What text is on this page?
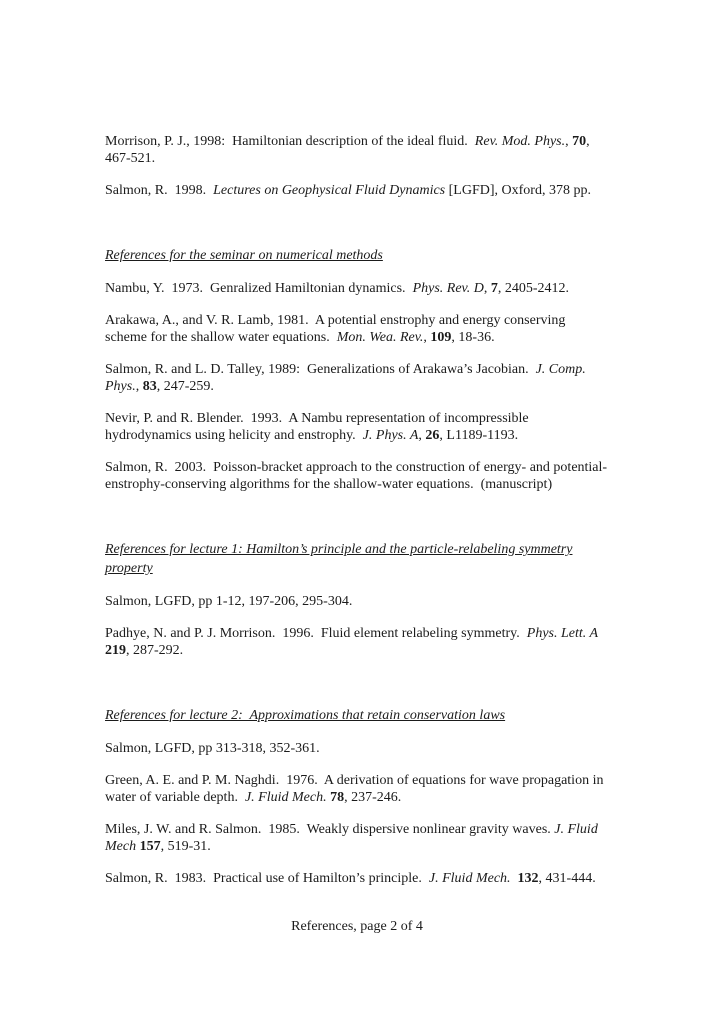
Morrison, P. J., 1998:  Hamiltonian description of the ideal fluid.  Rev. Mod. Phys., 70,
467-521.

Salmon, R.  1998.  Lectures on Geophysical Fluid Dynamics [LGFD], Oxford, 378 pp.

References for the seminar on numerical methods

Nambu, Y.  1973.  Genralized Hamiltonian dynamics.  Phys. Rev. D, 7, 2405-2412.

Arakawa, A., and V. R. Lamb, 1981.  A potential enstrophy and energy conserving
scheme for the shallow water equations.  Mon. Wea. Rev., 109, 18-36.

Salmon, R. and L. D. Talley, 1989:  Generalizations of Arakawa’s Jacobian.  J. Comp.
Phys., 83, 247-259.

Nevir, P. and R. Blender.  1993.  A Nambu representation of incompressible
hydrodynamics using helicity and enstrophy.  J. Phys. A, 26, L1189-1193.

Salmon, R.  2003.  Poisson-bracket approach to the construction of energy- and potential-
enstrophy-conserving algorithms for the shallow-water equations.  (manuscript)

References for lecture 1: Hamilton’s principle and the particle-relabeling symmetry
property

Salmon, LGFD, pp 1-12, 197-206, 295-304.

Padhye, N. and P. J. Morrison.  1996.  Fluid element relabeling symmetry.  Phys. Lett. A
219, 287-292.

References for lecture 2:  Approximations that retain conservation laws

Salmon, LGFD, pp 313-318, 352-361.

Green, A. E. and P. M. Naghdi.  1976.  A derivation of equations for wave propagation in
water of variable depth.  J. Fluid Mech. 78, 237-246.

Miles, J. W. and R. Salmon.  1985.  Weakly dispersive nonlinear gravity waves. J. Fluid
Mech 157, 519-31.

Salmon, R.  1983.  Practical use of Hamilton’s principle.  J. Fluid Mech. 132, 431-444.

References, page 2 of 4
